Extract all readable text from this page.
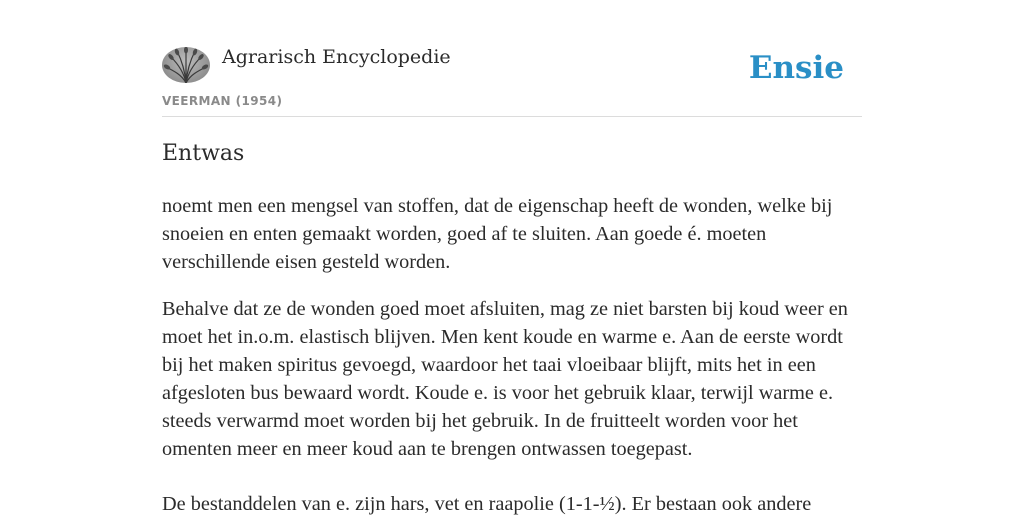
Agrarisch Encyclopedie
VEERMAN (1954)
Ensie
Entwas

noemt men een mengsel van stoffen, dat de eigenschap heeft de wonden, welke bij snoeien en enten gemaakt worden, goed af te sluiten. Aan goede é. moeten verschillende eisen gesteld worden.

Behalve dat ze de wonden goed moet afsluiten, mag ze niet barsten bij koud weer en moet het in.o.m. elastisch blijven. Men kent koude en warme e. Aan de eerste wordt bij het maken spiritus gevoegd, waardoor het taai vloeibaar blijft, mits het in een afgesloten bus bewaard wordt. Koude e. is voor het gebruik klaar, terwijl warme e. steeds verwarmd moet worden bij het gebruik. In de fruitteelt worden voor het omenten meer en meer koud aan te brengen ontwassen toegepast.

De bestanddelen van e. zijn hars, vet en raapolie (1-1-½). Er bestaan ook andere
